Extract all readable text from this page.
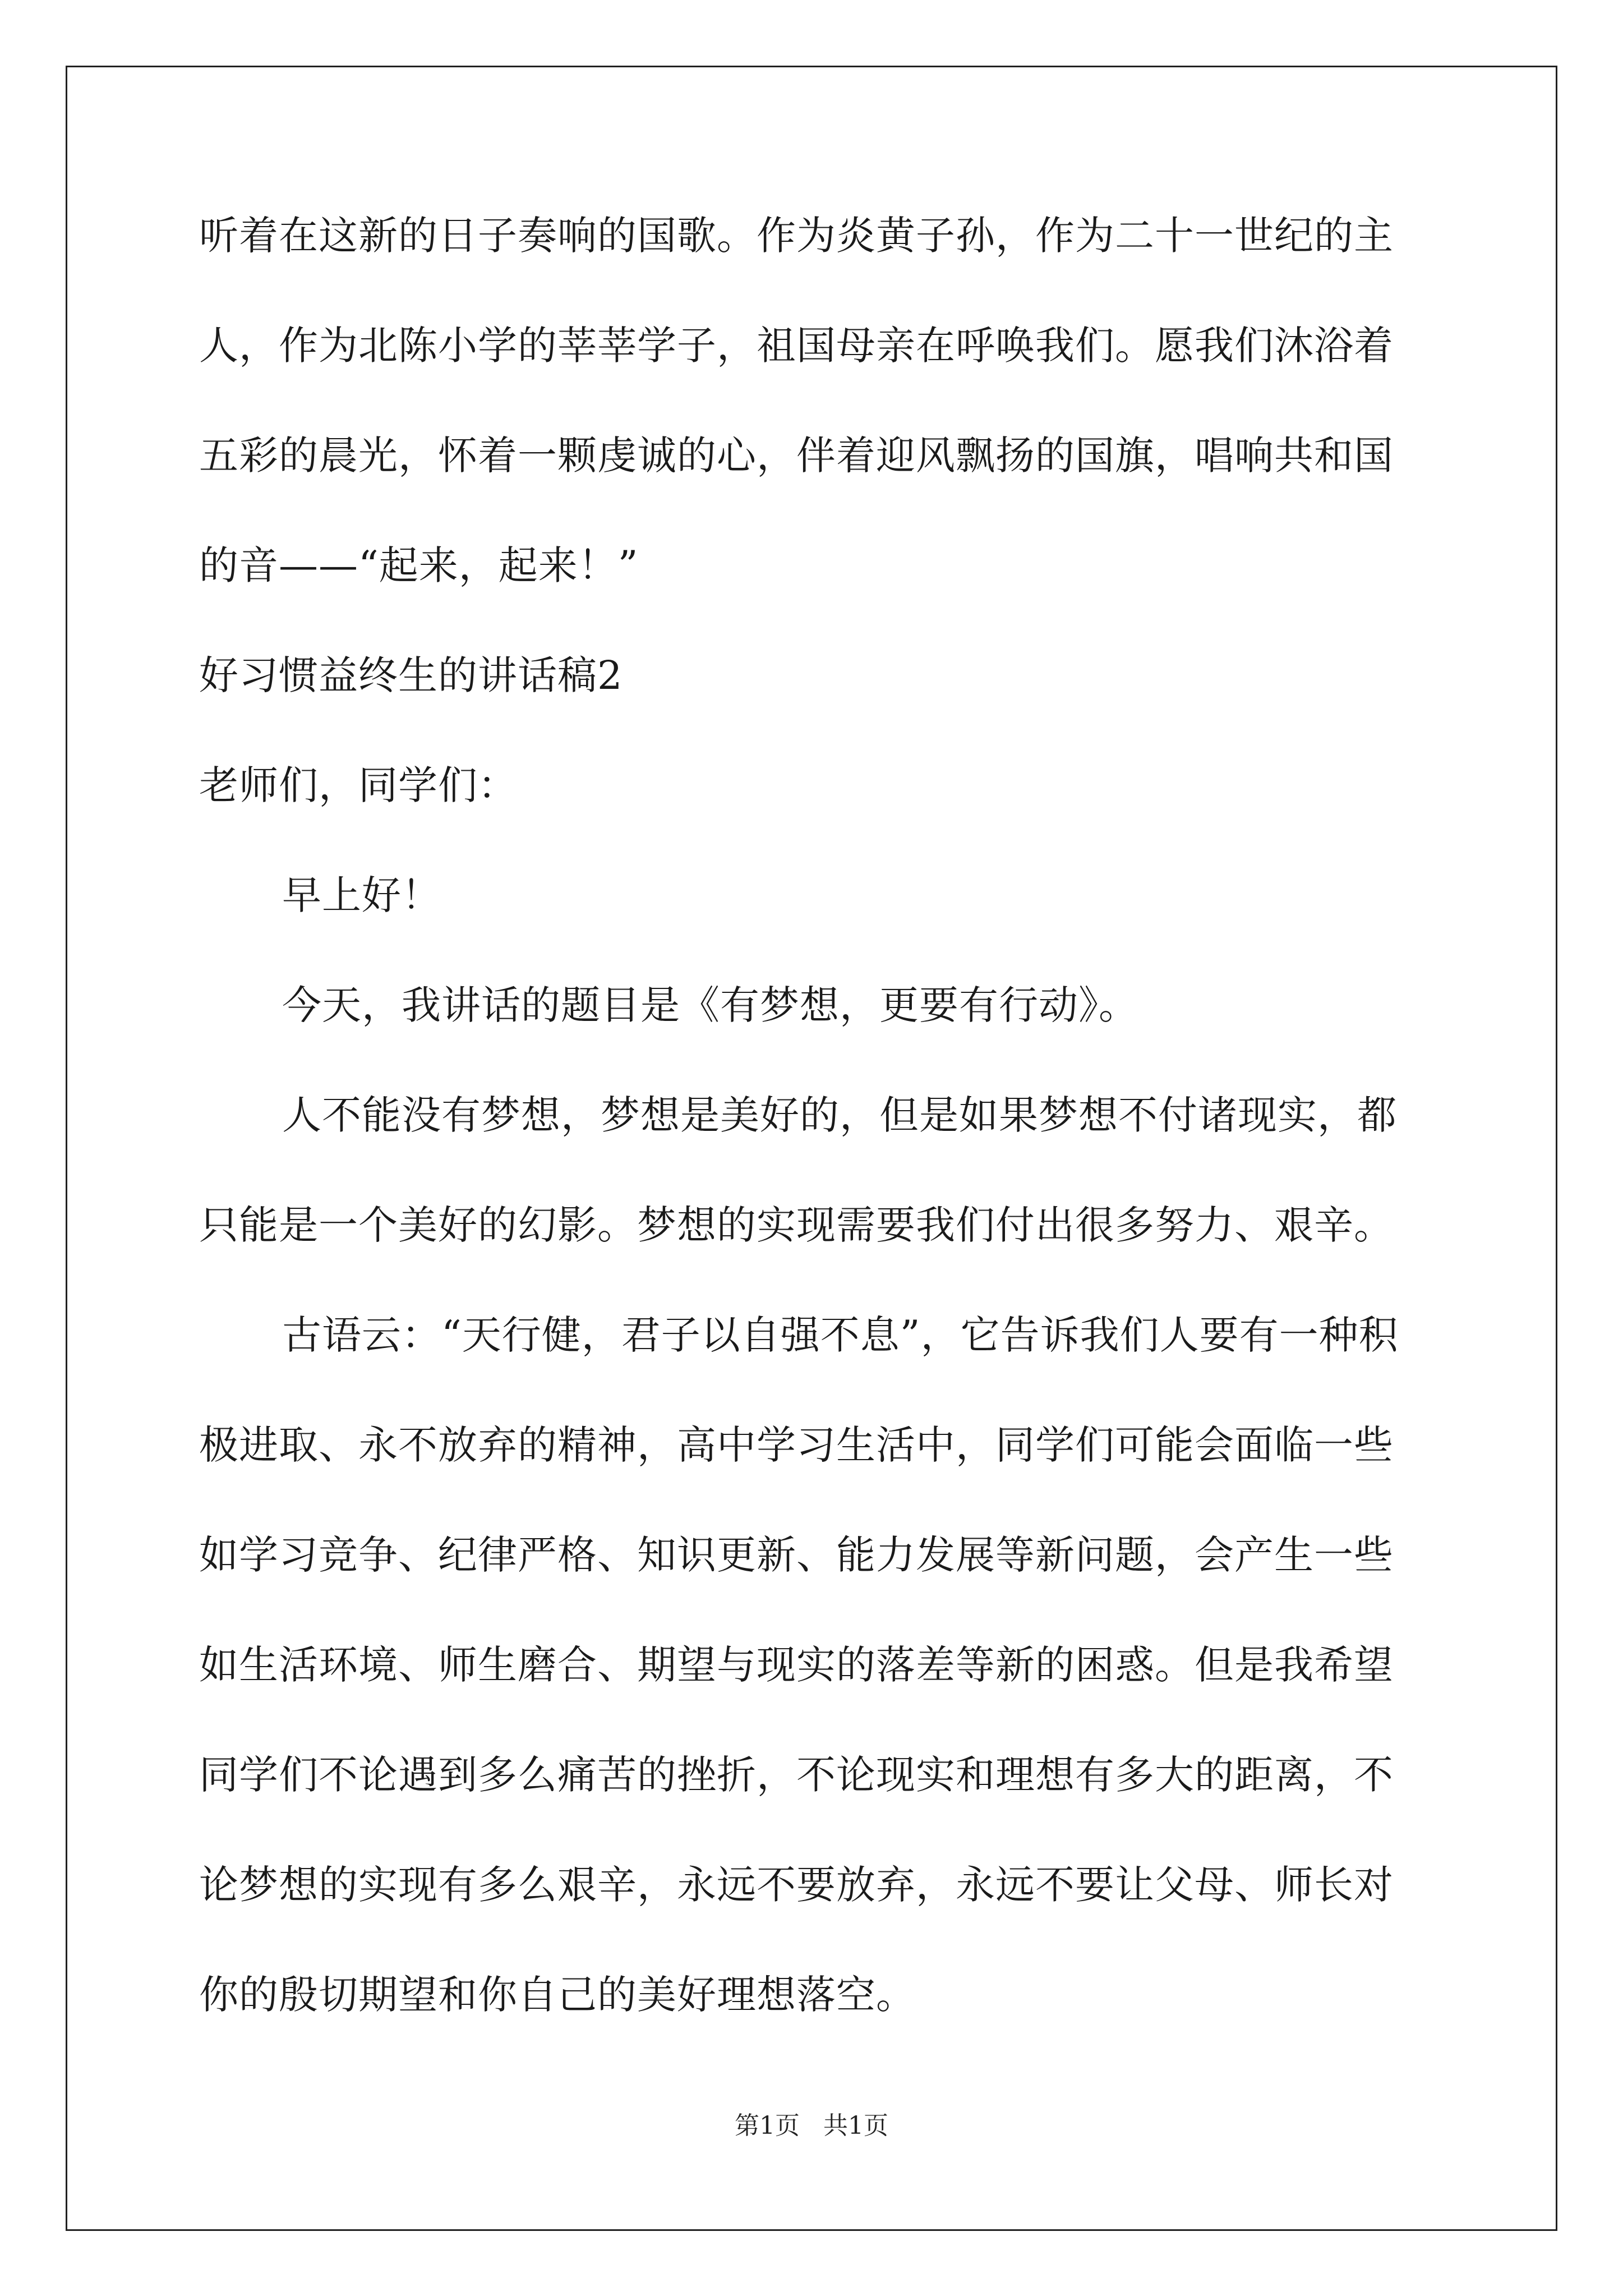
听着在这新的日子奏响的国歌。作为炎黄子孙，作为二十一世纪的主
人，作为北陈小学的莘莘学子，祖国母亲在呼唤我们。愿我们沐浴着
五彩的晨光，怀着一颗虔诚的心，伴着迎风飘扬的国旗，唱响共和国
的音——“起来，起来！”
好习惯益终生的讲话稿2
老师们，同学们：
早上好！
今天，我讲话的题目是《有梦想，更要有行动》。
人不能没有梦想，梦想是美好的，但是如果梦想不付诸现实，都
只能是一个美好的幻影。梦想的实现需要我们付出很多努力、艰辛。
古语云：“天行健，君子以自强不息”，它告诉我们人要有一种积
极进取、永不放弃的精神，高中学习生活中，同学们可能会面临一些
如学习竞争、纪律严格、知识更新、能力发展等新问题，会产生一些
如生活环境、师生磨合、期望与现实的落差等新的困惑。但是我希望
同学们不论遇到多么痛苦的挫折，不论现实和理想有多大的距离，不
论梦想的实现有多么艰辛，永远不要放弃，永远不要让父母、师长对
你的殷切期望和你自己的美好理想落空。
第1页   共1页
